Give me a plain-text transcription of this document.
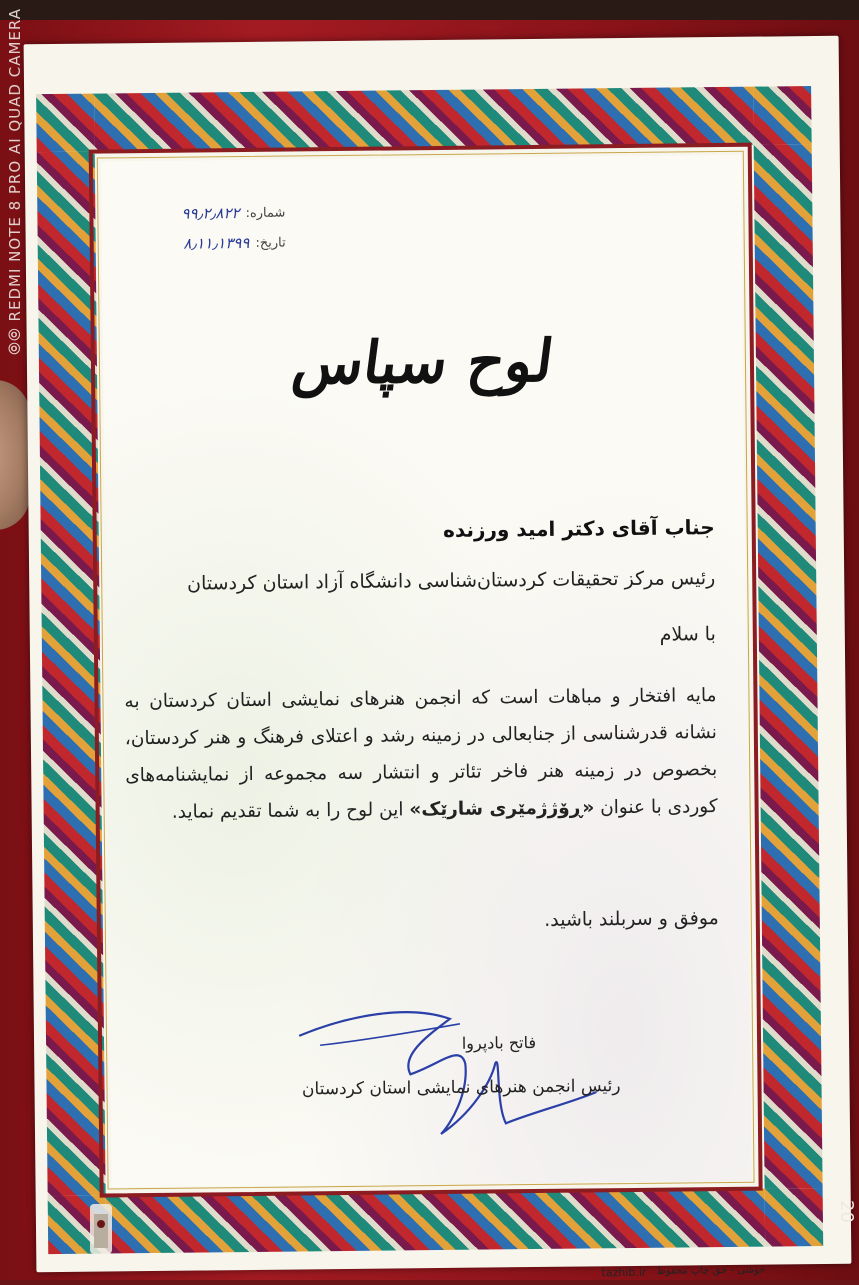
⦾⦾ REDMI NOTE 8 PRO AI QUAD CAMERA
شماره:
۹۹٫۲٫۸۲۲
تاریخ:
۸٫۱۱٫۱۳۹۹
لوح سپاس
جناب آقای دکتر امید ورزنده
رئیس مرکز تحقیقات کردستان‌شناسی دانشگاه آزاد استان کردستان
با سلام
مایه افتخار و مباهات است که انجمن هنرهای نمایشی استان کردستان به نشانه قدرشناسی از جنابعالی در زمینه رشد و اعتلای فرهنگ و هنر کردستان، بخصوص در زمینه هنر فاخر تئاتر و انتشار سه مجموعه از نمایشنامه‌های کوردی با عنوان «ڕۆژژمێری شارێک» این لوح را به شما تقدیم نماید.
موفق و سربلند باشید.
فاتح بادپروا
رئیس انجمن هنرهای نمایشی استان کردستان
tazhib.ir خوشی - حق چاپ محفوظ
20
